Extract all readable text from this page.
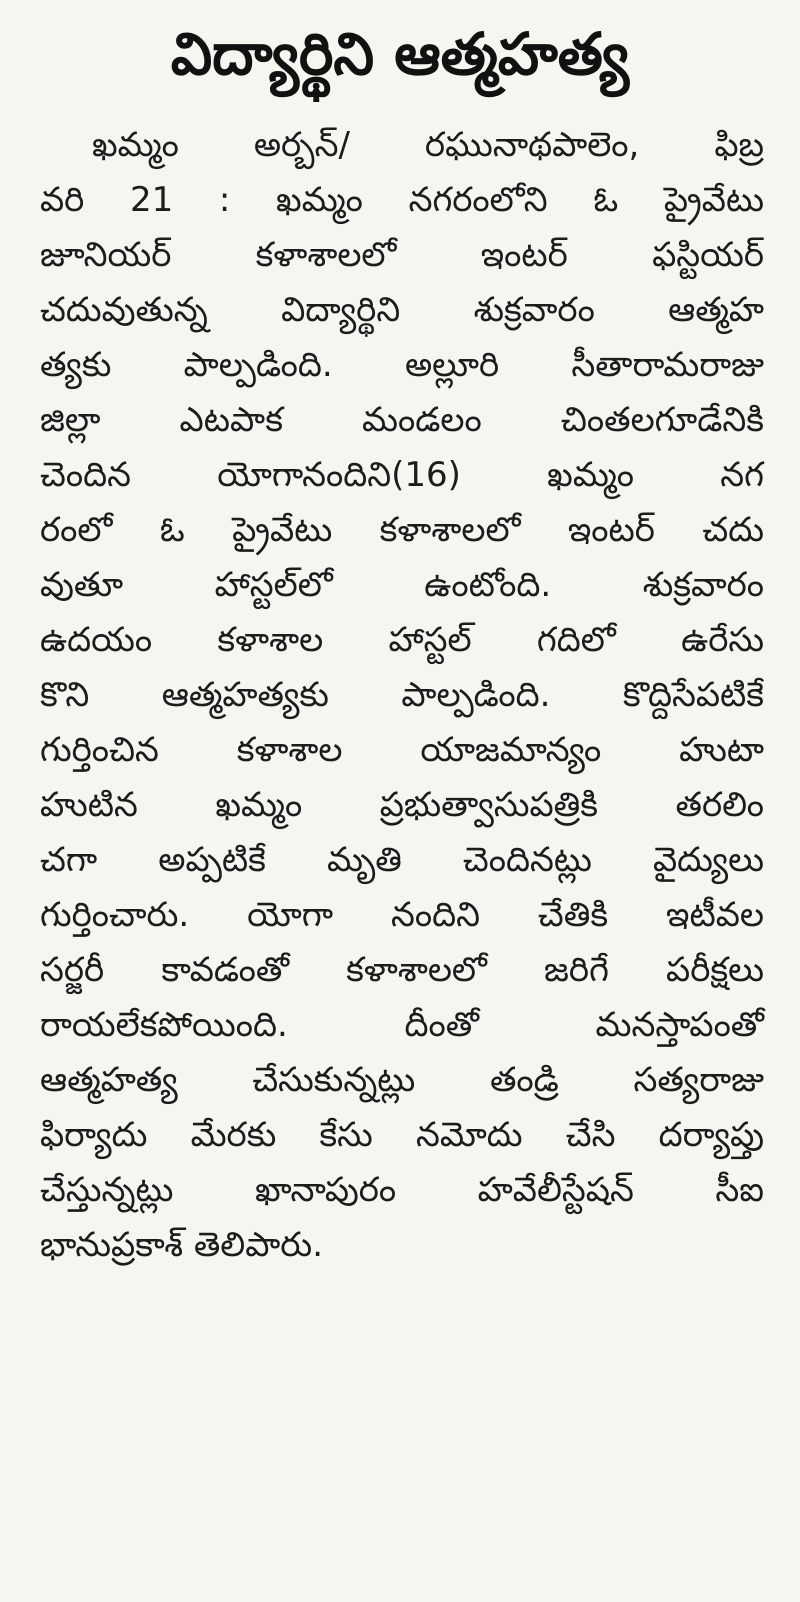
విద్యార్థిని ఆత్మహత్య
ఖమ్మం అర్బన్/ రఘునాథపాలెం, ఫిబ్ర
వరి 21 : ఖమ్మం నగరంలోని ఓ ప్రైవేటు
జూనియర్ కళాశాలలో ఇంటర్ ఫస్టియర్
చదువుతున్న విద్యార్థిని శుక్రవారం ఆత్మహ
త్యకు పాల్పడింది. అల్లూరి సీతారామరాజు
జిల్లా ఎటపాక మండలం చింతలగూడేనికి
చెందిన యోగానందిని(16) ఖమ్మం నగ
రంలో ఓ ప్రైవేటు కళాశాలలో ఇంటర్ చదు
వుతూ హాస్టల్‌లో ఉంటోంది. శుక్రవారం
ఉదయం కళాశాల హాస్టల్ గదిలో ఉరేసు
కొని ఆత్మహత్యకు పాల్పడింది. కొద్దిసేపటికే
గుర్తించిన కళాశాల యాజమాన్యం హుటా
హుటిన ఖమ్మం ప్రభుత్వాసుపత్రికి తరలిం
చగా అప్పటికే మృతి చెందినట్లు వైద్యులు
గుర్తించారు. యోగా నందిని చేతికి ఇటీవల
సర్జరీ కావడంతో కళాశాలలో జరిగే పరీక్షలు
రాయలేకపోయింది. దీంతో మనస్తాపంతో
ఆత్మహత్య చేసుకున్నట్లు తండ్రి సత్యరాజు
ఫిర్యాదు మేరకు కేసు నమోదు చేసి దర్యాప్తు
చేస్తున్నట్లు ఖానాపురం హవేలీస్టేషన్ సీఐ
భానుప్రకాశ్ తెలిపారు.
